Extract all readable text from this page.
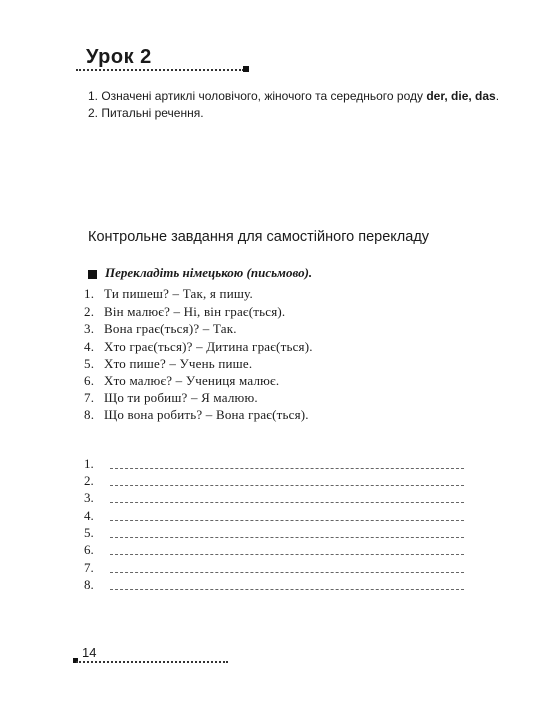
Урок 2
1. Означені артиклі чоловічого, жіночого та середнього роду der, die, das.
2. Питальні речення.
Контрольне завдання для самостійного перекладу
Перекладіть німецькою (письмово).
1. Ти пишеш? – Так, я пишу.
2. Він малює? – Ні, він грає(ться).
3. Вона грає(ться)? – Так.
4. Хто грає(ться)? – Дитина грає(ться).
5. Хто пише? – Учень пише.
6. Хто малює? – Учениця малює.
7. Що ти робиш? – Я малюю.
8. Що вона робить? – Вона грає(ться).
1.
2.
3.
4.
5.
6.
7.
8.
14
